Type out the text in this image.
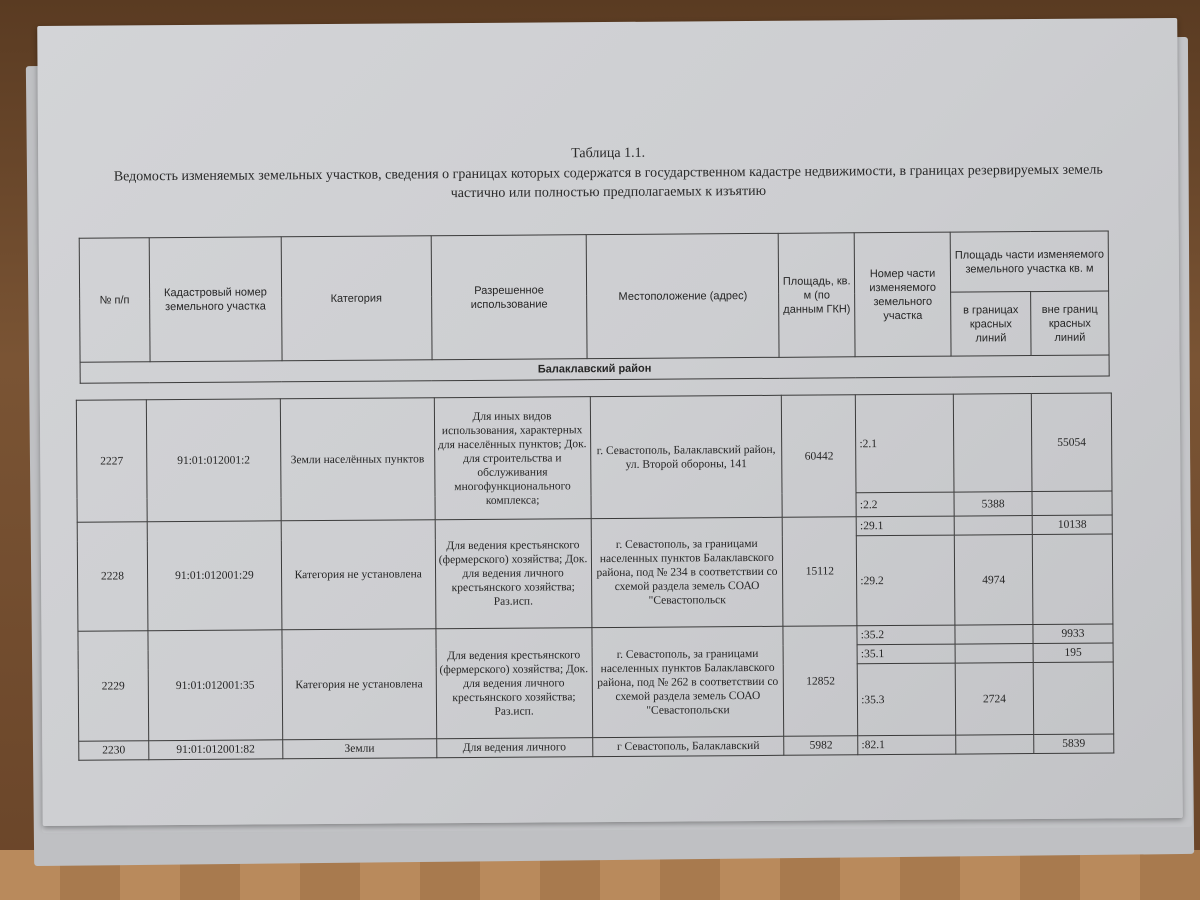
Таблица 1.1.
Ведомость изменяемых земельных участков, сведения о границах которых содержатся в государственном кадастре недвижимости, в границах резервируемых земель частично или полностью предполагаемых к изъятию
№ п/п	Кадастровый номер земельного участка	Категория	Разрешенное использование	Местоположение (адрес)	Площадь, кв. м (по данным ГКН)	Номер части изменяемого земельного участка	Площадь части изменяемого земельного участка кв. м	
							в границах красных линий	вне границ красных линий
Балаклавский район								
2227	91:01:012001:2	Земли населённых пунктов	Для иных видов использования, характерных для населённых пунктов; Док. для строительства и обслуживания многофункционального комплекса;	г. Севастополь, Балаклавский район, ул. Второй обороны, 141	60442	:2.1		55054
						:2.2	5388	
2228	91:01:012001:29	Категория не установлена	Для ведения крестьянского (фермерского) хозяйства; Док. для ведения личного крестьянского хозяйства; Раз.исп.	г. Севастополь, за границами населенных пунктов Балаклавского района, под № 234 в соответствии со схемой раздела земель СОАО "Севастопольск	15112	:29.1		10138
						:29.2	4974	
2229	91:01:012001:35	Категория не установлена	Для ведения крестьянского (фермерского) хозяйства; Док. для ведения личного крестьянского хозяйства; Раз.исп.	г. Севастополь, за границами населенных пунктов Балаклавского района, под № 262 в соответствии со схемой раздела земель СОАО "Севастопольски	12852	:35.2		9933
						:35.1		195
						:35.3	2724	
2230	91:01:012001:82	Земли	Для ведения личного	г Севастополь, Балаклавский	5982	:82.1		5839
